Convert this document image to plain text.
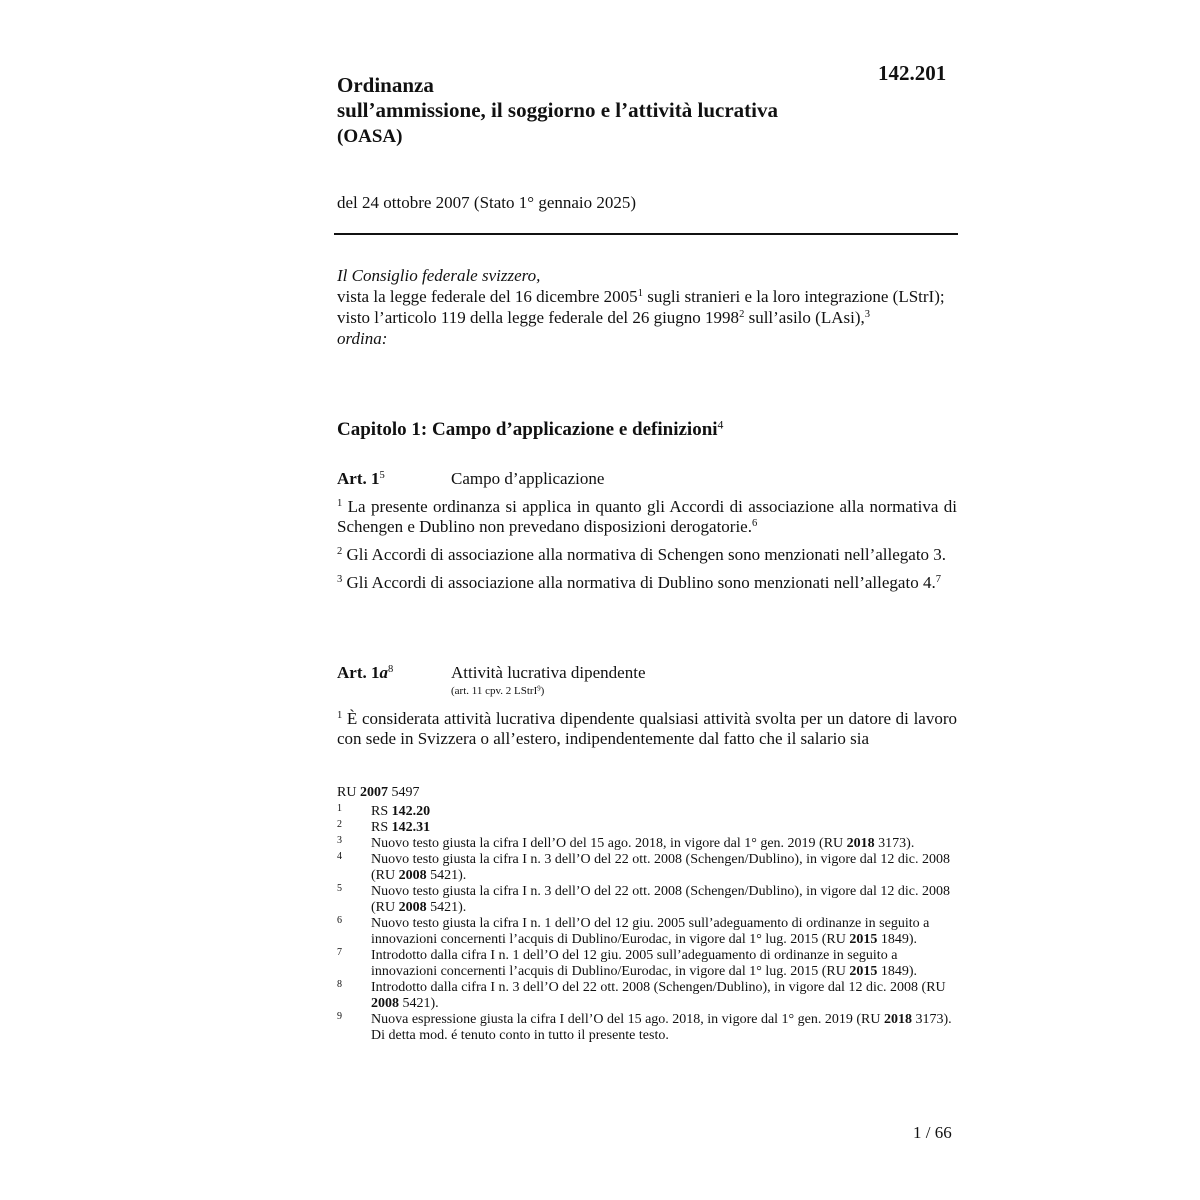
142.201
Ordinanza
sull’ammissione, il soggiorno e l’attività lucrativa
(OASA)
del 24 ottobre 2007 (Stato 1° gennaio 2025)
Il Consiglio federale svizzero,
vista la legge federale del 16 dicembre 2005$^1$ sugli stranieri e la loro integrazione (LStrI);
visto l’articolo 119 della legge federale del 26 giugno 1998$^2$ sull’asilo (LAsi),$^3$
ordina:
Capitolo 1: Campo d’applicazione e definizioni$^4$
Art. $1^5$	Campo d’applicazione

$^1$ La presente ordinanza si applica in quanto gli Accordi di associazione alla normativa di Schengen e Dublino non prevedano disposizioni derogatorie.$^6$

$^2$ Gli Accordi di associazione alla normativa di Schengen sono menzionati nell’allegato 3.

$^3$ Gli Accordi di associazione alla normativa di Dublino sono menzionati nell’allegato 4.$^7$

Art. $1a^8$	Attività lucrativa dipendente
(art. 11 cpv. 2 LStrI$^9$)

$^1$ È considerata attività lucrativa dipendente qualsiasi attività svolta per un datore di lavoro con sede in Svizzera o all’estero, indipendentemente dal fatto che il salario sia

RU 2007 5497

1 RS 142.20

2 RS 142.31

3 Nuovo testo giusta la cifra I dell’O del 15 ago. 2018, in vigore dal 1° gen. 2019 (RU 2018 3173).

4 Nuovo testo giusta la cifra I n. 3 dell’O del 22 ott. 2008 (Schengen/Dublino), in vigore dal 12 dic. 2008 (RU 2008 5421).

5 Nuovo testo giusta la cifra I n. 3 dell’O del 22 ott. 2008 (Schengen/Dublino), in vigore dal 12 dic. 2008 (RU 2008 5421).

6 Nuovo testo giusta la cifra I n. 1 dell’O del 12 giu. 2005 sull’adeguamento di ordinanze in seguito a innovazioni concernenti l’acquis di Dublino/Eurodac, in vigore dal 1° lug. 2015 (RU 2015 1849).

7 Introdotto dalla cifra I n. 1 dell’O del 12 giu. 2005 sull’adeguamento di ordinanze in seguito a innovazioni concernenti l’acquis di Dublino/Eurodac, in vigore dal 1° lug. 2015 (RU 2015 1849).

8 Introdotto dalla cifra I n. 3 dell’O del 22 ott. 2008 (Schengen/Dublino), in vigore dal 12 dic. 2008 (RU 2008 5421).

9 Nuova espressione giusta la cifra I dell’O del 15 ago. 2018, in vigore dal 1° gen. 2019 (RU 2018 3173). Di detta mod. é tenuto conto in tutto il presente testo.

1 / 66
